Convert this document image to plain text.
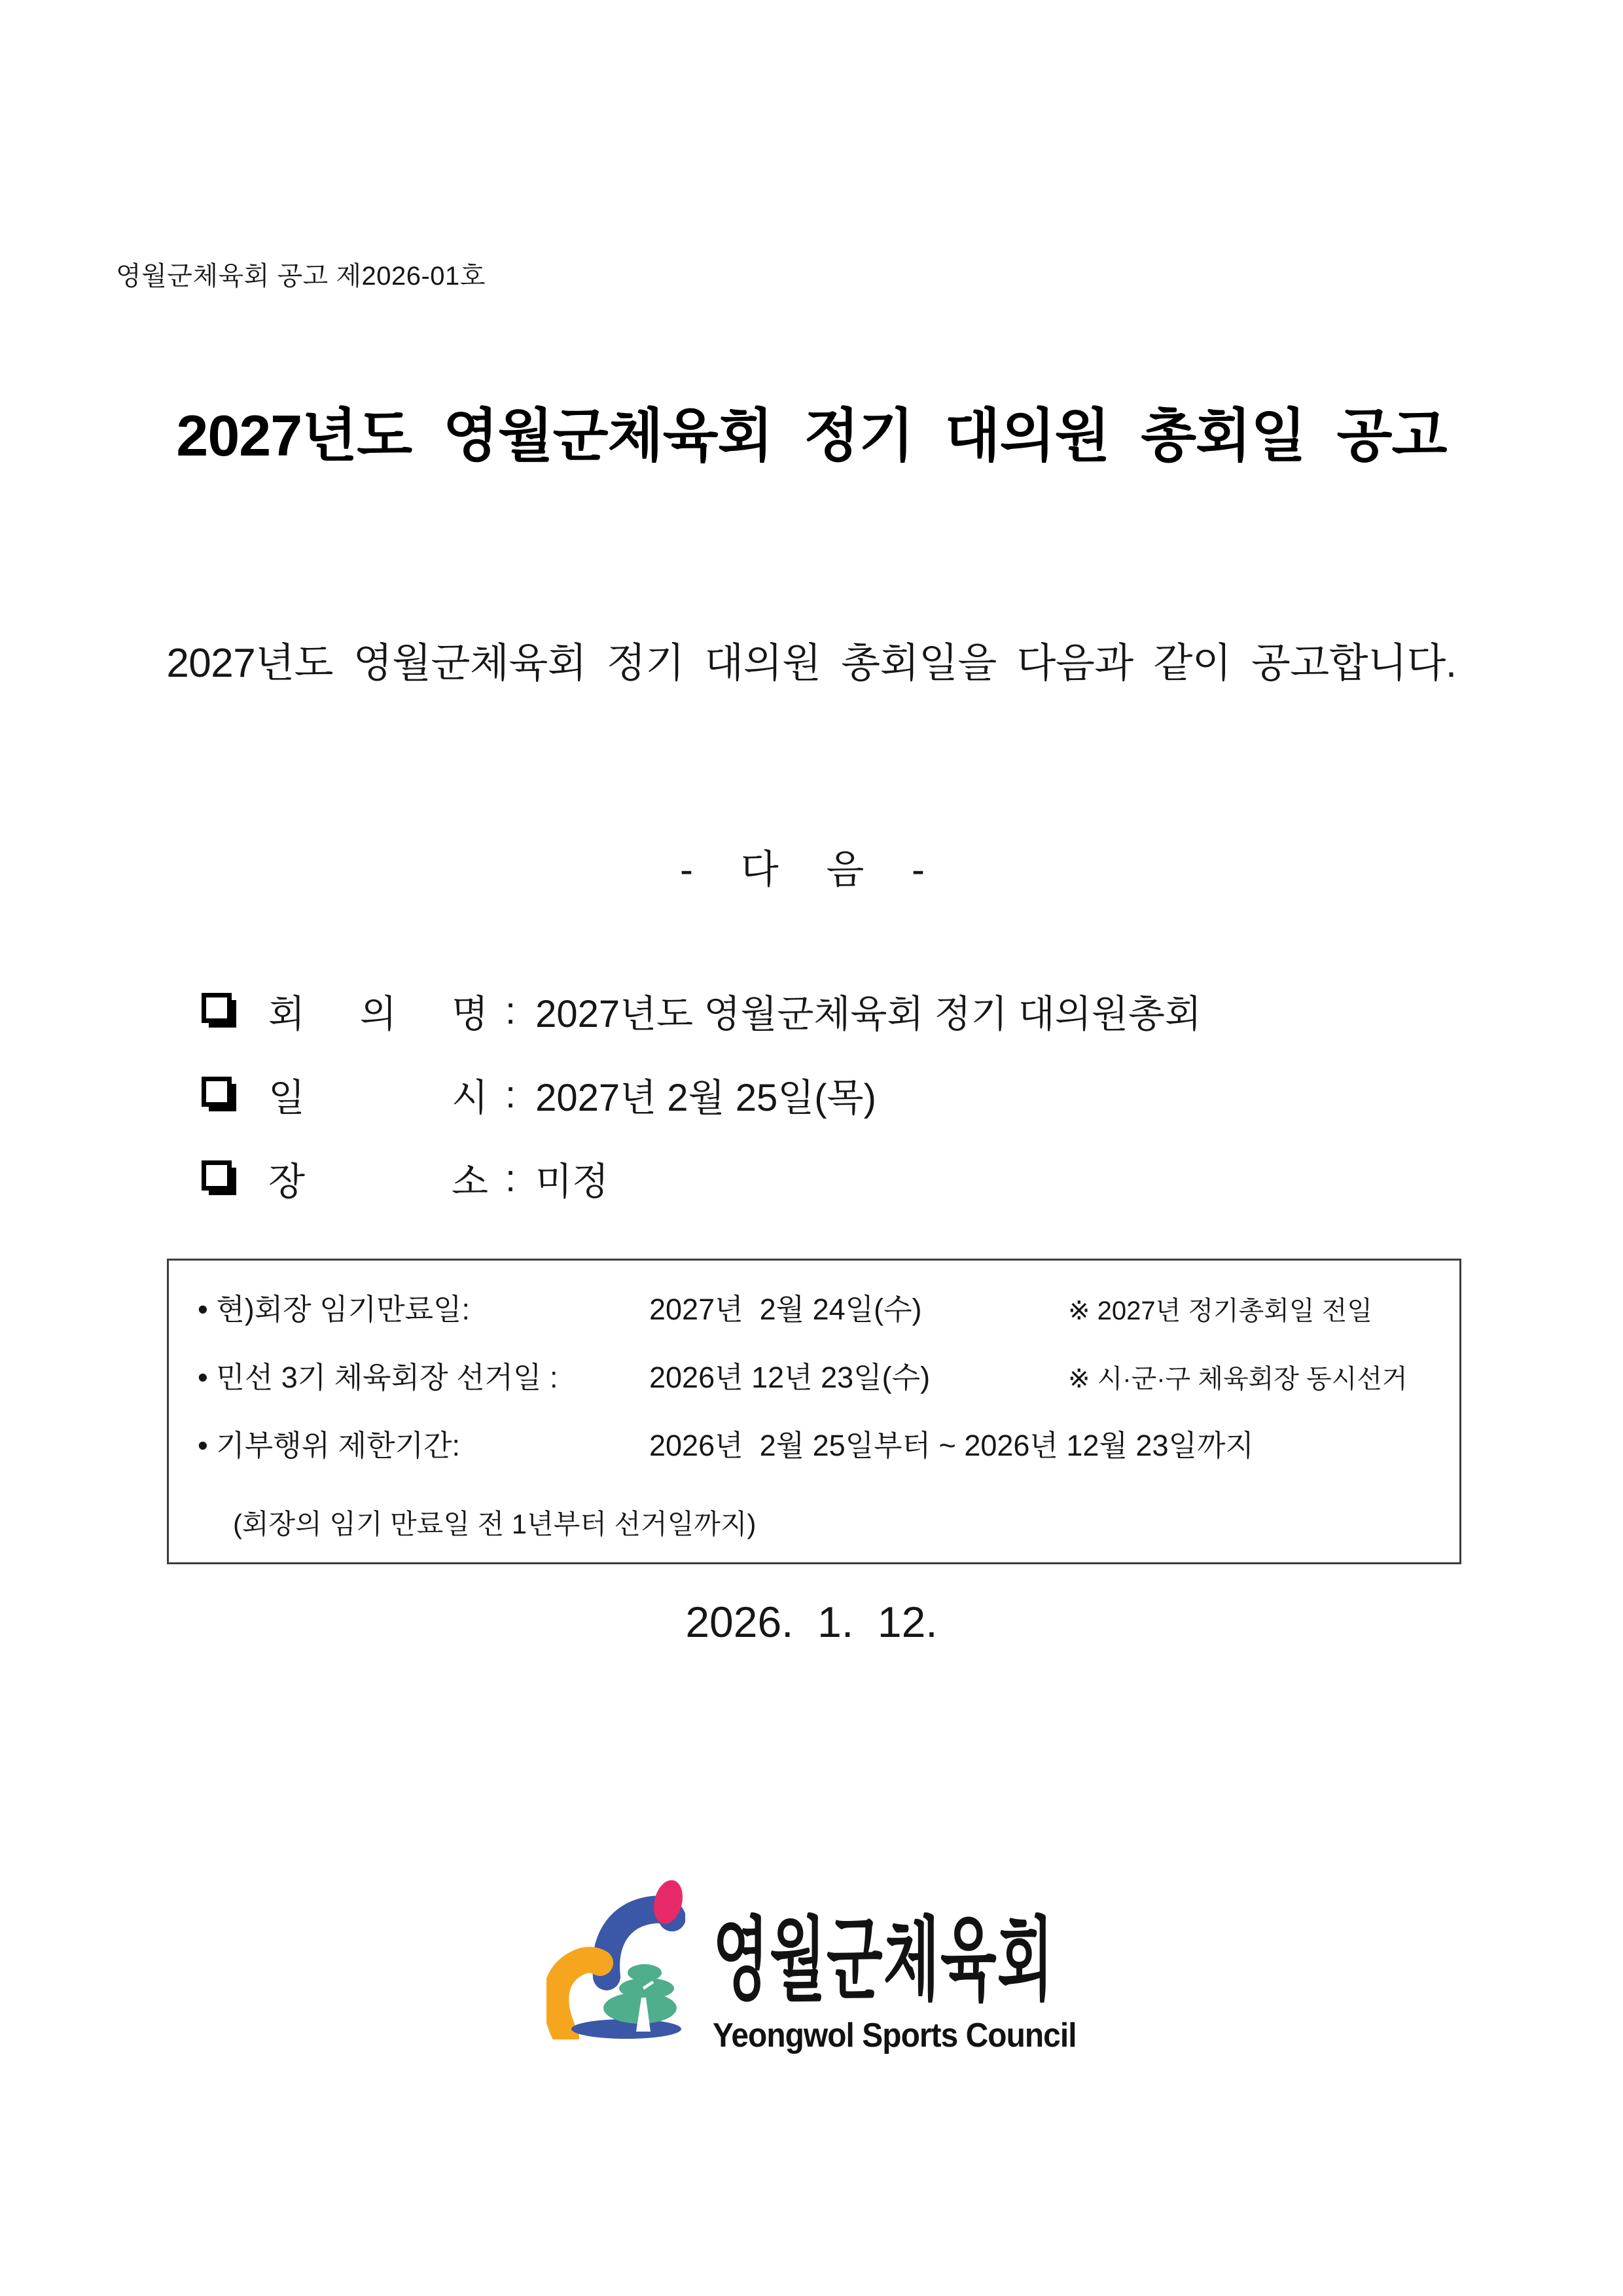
영월군체육회 공고 제2026-01호
2027년도 영월군체육회 정기 대의원 총회일 공고
2027년도 영월군체육회 정기 대의원 총회일을 다음과 같이 공고합니다.
- 다 음 -
회 의 명 : 2027년도 영월군체육회 정기 대의원총회
일 시 : 2027년 2월 25일(목)
장 소 : 미정
• 현)회장 임기만료일:	2027년  2월 24일(수)	※ 2027년 정기총회일 전일
• 민선 3기 체육회장 선거일 :	2026년 12년 23일(수)	※ 시·군·구 체육회장 동시선거
• 기부행위 제한기간:	2026년  2월 25일부터 ~ 2026년 12월 23일까지
(회장의 임기 만료일 전 1년부터 선거일까지)
2026.  1.  12.
영월군체육회
Yeongwol Sports Council
